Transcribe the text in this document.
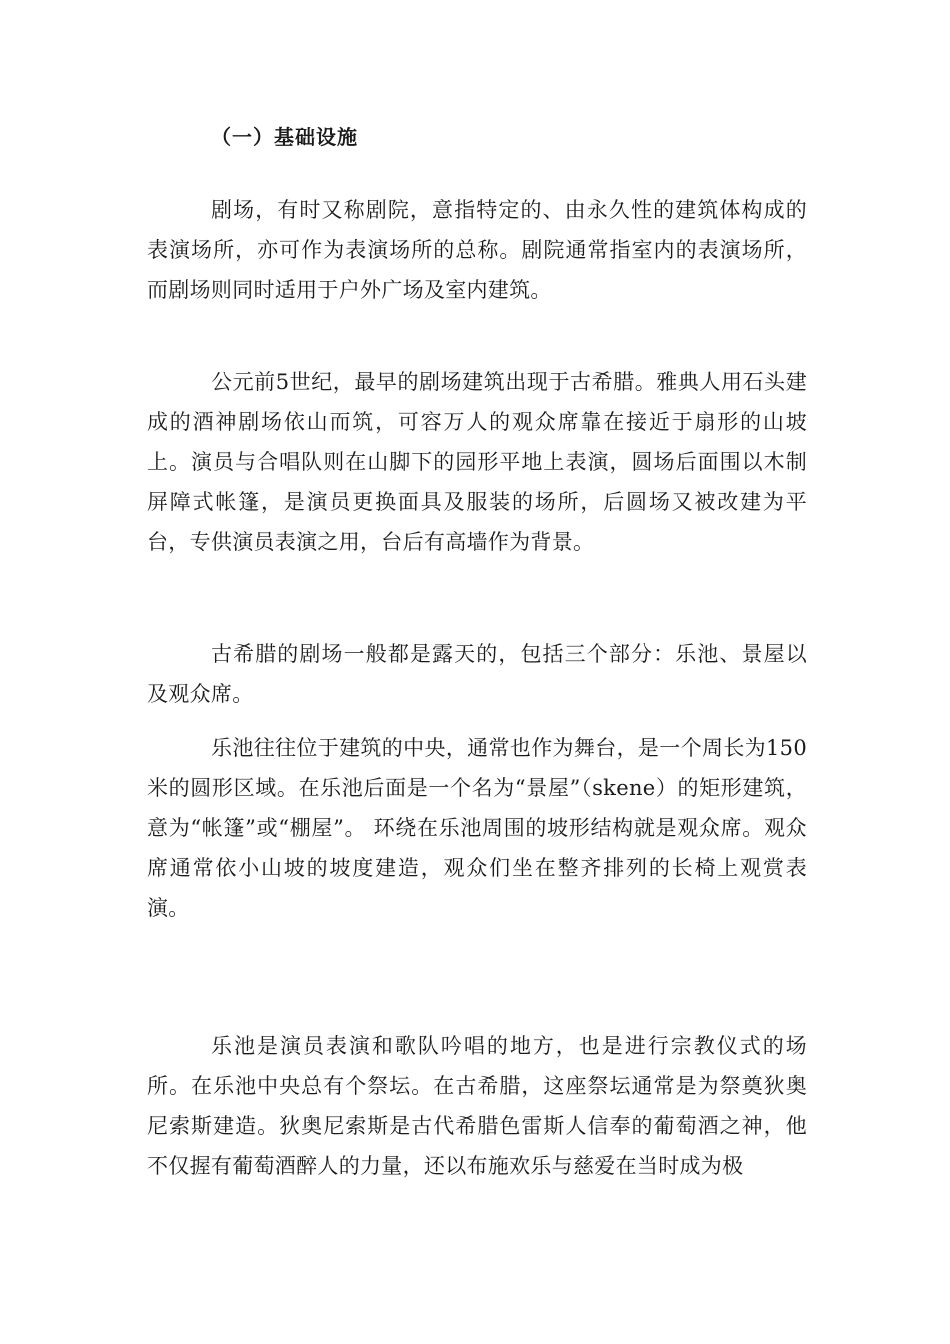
（一）基础设施

剧场，有时又称剧院，意指特定的、由永久性的建筑体构成的表演场所，亦可作为表演场所的总称。剧院通常指室内的表演场所，而剧场则同时适用于户外广场及室内建筑。

公元前5世纪，最早的剧场建筑出现于古希腊。雅典人用石头建成的酒神剧场依山而筑，可容万人的观众席靠在接近于扇形的山坡上。演员与合唱队则在山脚下的园形平地上表演，圆场后面围以木制屏障式帐篷，是演员更换面具及服装的场所，后圆场又被改建为平台，专供演员表演之用，台后有高墙作为背景。

古希腊的剧场一般都是露天的，包括三个部分：乐池、景屋以及观众席。

乐池往往位于建筑的中央，通常也作为舞台，是一个周长为150米的圆形区域。在乐池后面是一个名为“景屋”（skene）的矩形建筑，意为“帐篷”或“棚屋”。 环绕在乐池周围的坡形结构就是观众席。观众席通常依小山坡的坡度建造，观众们坐在整齐排列的长椅上观赏表演。

乐池是演员表演和歌队吟唱的地方，也是进行宗教仪式的场所。在乐池中央总有个祭坛。在古希腊，这座祭坛通常是为祭奠狄奥尼索斯建造。狄奥尼索斯是古代希腊色雷斯人信奉的葡萄酒之神，他不仅握有葡萄酒醉人的力量，还以布施欢乐与慈爱在当时成为极
